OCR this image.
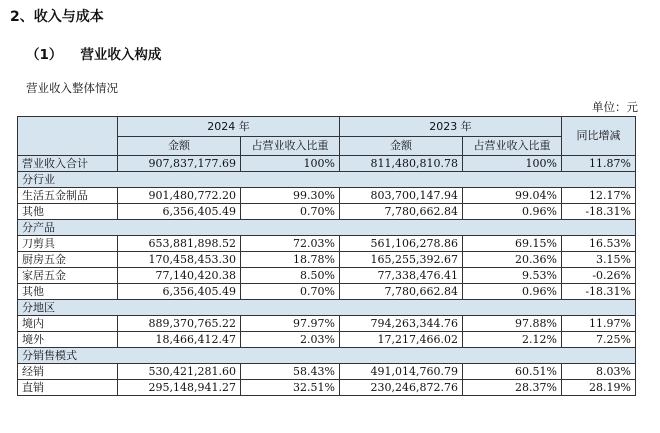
2、收入与成本
（1） 营业收入构成
营业收入整体情况
单位：元
	2024 年		2023 年		同比增减
	金额	占营业收入比重	金额	占营业收入比重	
营业收入合计	907,837,177.69	100%	811,480,810.78	100%	11.87%
分行业					
生活五金制品	901,480,772.20	99.30%	803,700,147.94	99.04%	12.17%
其他	6,356,405.49	0.70%	7,780,662.84	0.96%	-18.31%
分产品					
刀剪具	653,881,898.52	72.03%	561,106,278.86	69.15%	16.53%
厨房五金	170,458,453.30	18.78%	165,255,392.67	20.36%	3.15%
家居五金	77,140,420.38	8.50%	77,338,476.41	9.53%	-0.26%
其他	6,356,405.49	0.70%	7,780,662.84	0.96%	-18.31%
分地区					
境内	889,370,765.22	97.97%	794,263,344.76	97.88%	11.97%
境外	18,466,412.47	2.03%	17,217,466.02	2.12%	7.25%
分销售模式					
经销	530,421,281.60	58.43%	491,014,760.79	60.51%	8.03%
直销	295,148,941.27	32.51%	230,246,872.76	28.37%	28.19%
